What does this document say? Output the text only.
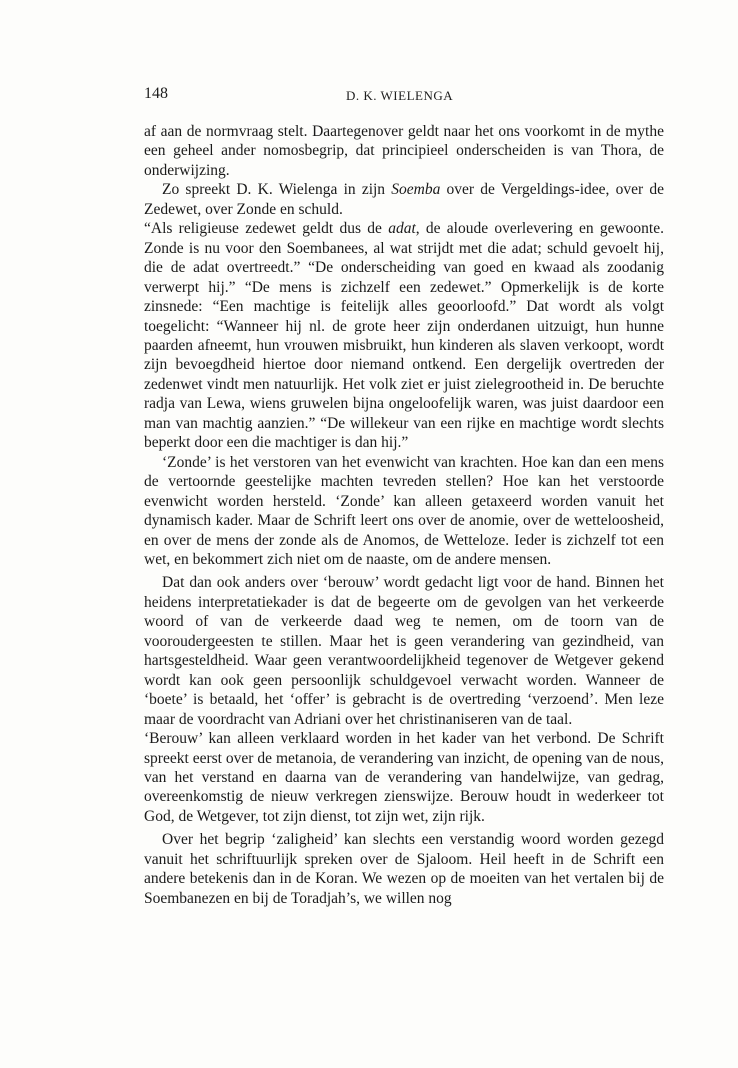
148	D. K. WIELENGA

af aan de normvraag stelt. Daartegenover geldt naar het ons voorkomt in de mythe een geheel ander nomosbegrip, dat principieel onderscheiden is van Thora, de onderwijzing.

Zo spreekt D. K. Wielenga in zijn Soemba over de Vergeldings-idee, over de Zedewet, over Zonde en schuld.

“Als religieuse zedewet geldt dus de adat, de aloude overlevering en gewoonte. Zonde is nu voor den Soembanees, al wat strijdt met die adat; schuld gevoelt hij, die de adat overtreedt.” “De onderscheiding van goed en kwaad als zoodanig verwerpt hij.” “De mens is zichzelf een zedewet.” Opmerkelijk is de korte zinsnede: “Een machtige is feitelijk alles geoorloofd.” Dat wordt als volgt toegelicht: “Wanneer hij nl. de grote heer zijn onderdanen uitzuigt, hun hunne paarden afneemt, hun vrouwen misbruikt, hun kinderen als slaven verkoopt, wordt zijn bevoegdheid hiertoe door niemand ontkend. Een dergelijk overtreden der zedenwet vindt men natuurlijk. Het volk ziet er juist zielegrootheid in. De beruchte radja van Lewa, wiens gruwelen bijna ongeloofelijk waren, was juist daardoor een man van machtig aanzien.” “De willekeur van een rijke en machtige wordt slechts beperkt door een die machtiger is dan hij.”

‘Zonde’ is het verstoren van het evenwicht van krachten. Hoe kan dan een mens de vertoornde geestelijke machten tevreden stellen? Hoe kan het verstoorde evenwicht worden hersteld. ‘Zonde’ kan alleen getaxeerd worden vanuit het dynamisch kader. Maar de Schrift leert ons over de anomie, over de wetteloosheid, en over de mens der zonde als de Anomos, de Wetteloze. Ieder is zichzelf tot een wet, en bekommert zich niet om de naaste, om de andere mensen.

Dat dan ook anders over ‘berouw’ wordt gedacht ligt voor de hand. Binnen het heidens interpretatiekader is dat de begeerte om de gevolgen van het verkeerde woord of van de verkeerde daad weg te nemen, om de toorn van de vooroudergeesten te stillen. Maar het is geen verandering van gezindheid, van hartsgesteldheid. Waar geen verantwoordelijkheid tegenover de Wetgever gekend wordt kan ook geen persoonlijk schuldgevoel verwacht worden. Wanneer de ‘boete’ is betaald, het ‘offer’ is gebracht is de overtreding ‘verzoend’. Men leze maar de voordracht van Adriani over het christinaniseren van de taal.

‘Berouw’ kan alleen verklaard worden in het kader van het verbond. De Schrift spreekt eerst over de metanoia, de verandering van inzicht, de opening van de nous, van het verstand en daarna van de verandering van handelwijze, van gedrag, overeenkomstig de nieuw verkregen zienswijze. Berouw houdt in wederkeer tot God, de Wetgever, tot zijn dienst, tot zijn wet, zijn rijk.

Over het begrip ‘zaligheid’ kan slechts een verstandig woord worden gezegd vanuit het schriftuurlijk spreken over de Sjaloom. Heil heeft in de Schrift een andere betekenis dan in de Koran. We wezen op de moeiten van het vertalen bij de Soembanezen en bij de Toradjah’s, we willen nog
